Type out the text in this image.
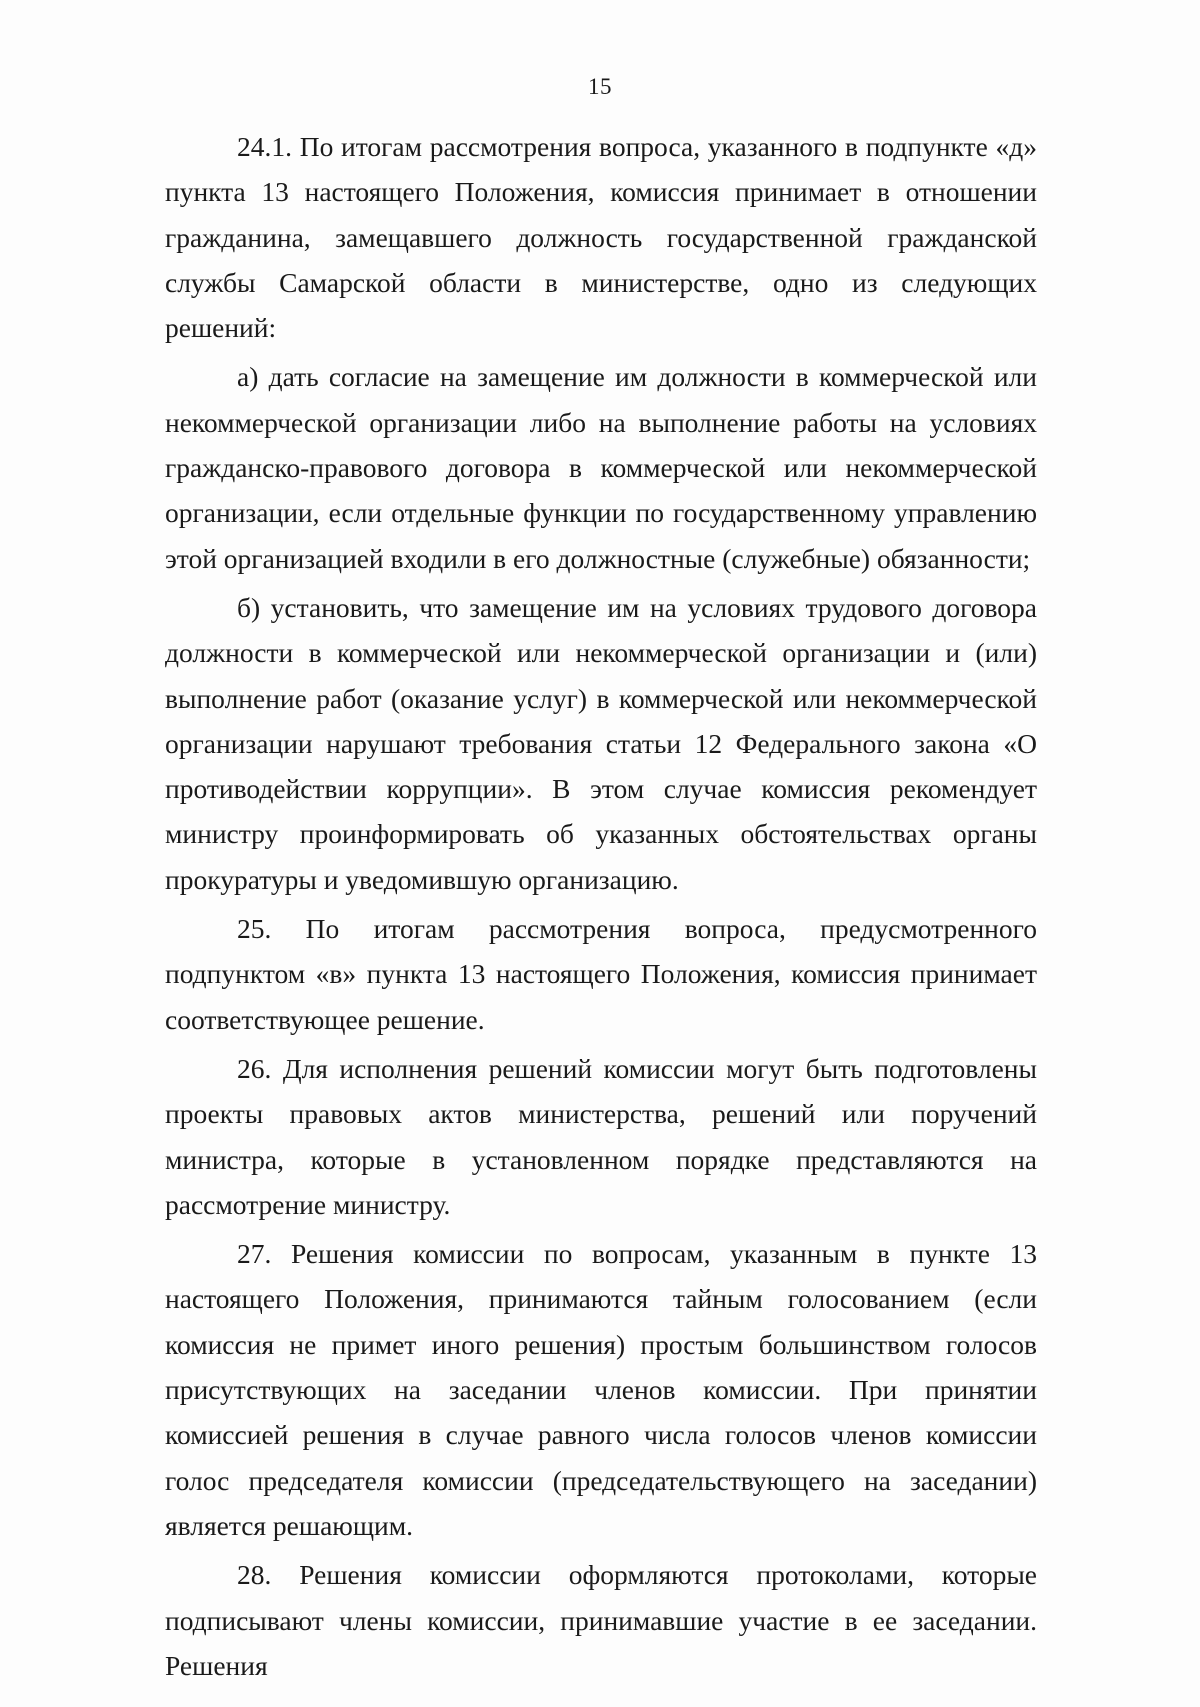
15

24.1. По итогам рассмотрения вопроса, указанного в подпункте «д» пункта 13 настоящего Положения, комиссия принимает в отношении гражданина, замещавшего должность государственной гражданской службы Самарской области в министерстве, одно из следующих решений:

а) дать согласие на замещение им должности в коммерческой или некоммерческой организации либо на выполнение работы на условиях гражданско-правового договора в коммерческой или некоммерческой организации, если отдельные функции по государственному управлению этой организацией входили в его должностные (служебные) обязанности;

б) установить, что замещение им на условиях трудового договора должности в коммерческой или некоммерческой организации и (или) выполнение работ (оказание услуг) в коммерческой или некоммерческой организации нарушают требования статьи 12 Федерального закона «О противодействии коррупции». В этом случае комиссия рекомендует министру проинформировать об указанных обстоятельствах органы прокуратуры и уведомившую организацию.

25. По итогам рассмотрения вопроса, предусмотренного подпунктом «в» пункта 13 настоящего Положения, комиссия принимает соответствующее решение.

26. Для исполнения решений комиссии могут быть подготовлены проекты правовых актов министерства, решений или поручений министра, которые в установленном порядке представляются на рассмотрение министру.

27. Решения комиссии по вопросам, указанным в пункте 13 настоящего Положения, принимаются тайным голосованием (если комиссия не примет иного решения) простым большинством голосов присутствующих на заседании членов комиссии. При принятии комиссией решения в случае равного числа голосов членов комиссии голос председателя комиссии (председательствующего на заседании) является решающим.

28. Решения комиссии оформляются протоколами, которые подписывают члены комиссии, принимавшие участие в ее заседании. Решения
